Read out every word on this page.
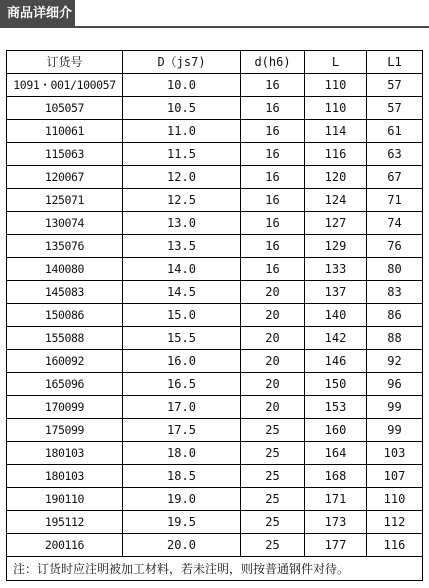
商品详细介绍
订货号	D（js7)	d(h6)	L	L1
1091・001/100057	10.0	16	110	57
105057	10.5	16	110	57
110061	11.0	16	114	61
115063	11.5	16	116	63
120067	12.0	16	120	67
125071	12.5	16	124	71
130074	13.0	16	127	74
135076	13.5	16	129	76
140080	14.0	16	133	80
145083	14.5	20	137	83
150086	15.0	20	140	86
155088	15.5	20	142	88
160092	16.0	20	146	92
165096	16.5	20	150	96
170099	17.0	20	153	99
175099	17.5	25	160	99
180103	18.0	25	164	103
180103	18.5	25	168	107
190110	19.0	25	171	110
195112	19.5	25	173	112
200116	20.0	25	177	116
注：订货时应注明被加工材料，若未注明，则按普通钢件对待。				
